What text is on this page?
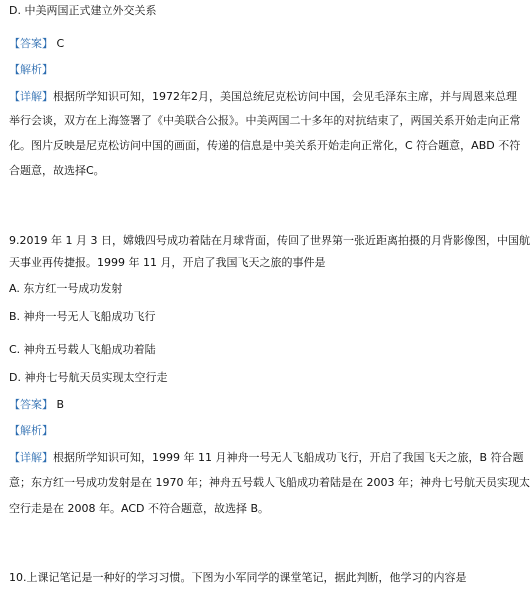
D. 中美两国正式建立外交关系
【答案】 C
【解析】
【详解】根据所学知识可知，1972年2月，美国总统尼克松访问中国，会见毛泽东主席，并与周恩来总理
举行会谈，双方在上海签署了《中美联合公报》。中美两国二十多年的对抗结束了，两国关系开始走向正常
化。图片反映是尼克松访问中国的画面，传递的信息是中美关系开始走向正常化，C 符合题意，ABD 不符
合题意，故选择C。
9.2019 年 1 月 3 日，嫦娥四号成功着陆在月球背面，传回了世界第一张近距离拍摄的月背影像图，中国航
天事业再传捷报。1999 年 11 月，开启了我国飞天之旅的事件是
A. 东方红一号成功发射
B. 神舟一号无人飞船成功飞行
C. 神舟五号载人飞船成功着陆
D. 神舟七号航天员实现太空行走
【答案】 B
【解析】
【详解】根据所学知识可知，1999 年 11 月神舟一号无人飞船成功飞行，开启了我国飞天之旅，B 符合题
意；东方红一号成功发射是在 1970 年；神舟五号载人飞船成功着陆是在 2003 年；神舟七号航天员实现太
空行走是在 2008 年。ACD 不符合题意，故选择 B。
10.上课记笔记是一种好的学习习惯。下图为小军同学的课堂笔记，据此判断，他学习的内容是
